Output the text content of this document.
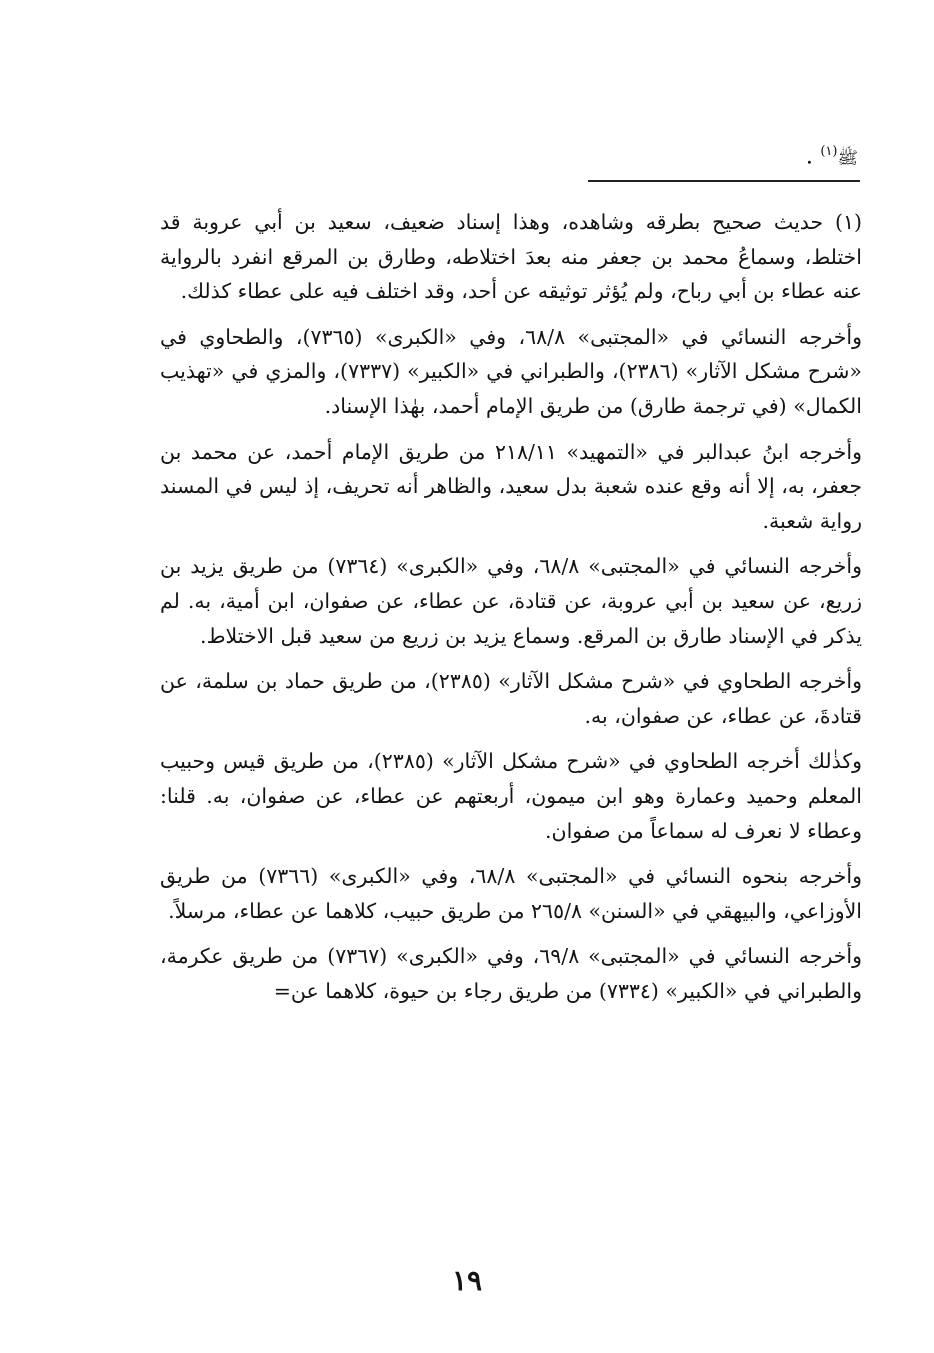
ﷺ$^{(١)}$ .

(١) حديث صحيح بطرقه وشاهده، وهذا إسناد ضعيف، سعيد بن أبي عروبة قد اختلط، وسماعُ محمد بن جعفر منه بعدَ اختلاطه، وطارق بن المرقع انفرد بالرواية عنه عطاء بن أبي رباح، ولم يُؤثر توثيقه عن أحد، وقد اختلف فيه على عطاء كذلك.

وأخرجه النسائي في «المجتبى» ٦٨/٨، وفي «الكبرى» (٧٣٦٥)، والطحاوي في «شرح مشكل الآثار» (٢٣٨٦)، والطبراني في «الكبير» (٧٣٣٧)، والمزي في «تهذيب الكمال» (في ترجمة طارق) من طريق الإمام أحمد، بهٰذا الإسناد.

وأخرجه ابنُ عبدالبر في «التمهيد» ٢١٨/١١ من طريق الإمام أحمد، عن محمد بن جعفر، به، إلا أنه وقع عنده شعبة بدل سعيد، والظاهر أنه تحريف، إذ ليس في المسند رواية شعبة.

وأخرجه النسائي في «المجتبى» ٦٨/٨، وفي «الكبرى» (٧٣٦٤) من طريق يزيد بن زريع، عن سعيد بن أبي عروبة، عن قتادة، عن عطاء، عن صفوان، ابن أمية، به. لم يذكر في الإسناد طارق بن المرقع. وسماع يزيد بن زريع من سعيد قبل الاختلاط.

وأخرجه الطحاوي في «شرح مشكل الآثار» (٢٣٨٥)، من طريق حماد بن سلمة، عن قتادةَ، عن عطاء، عن صفوان، به.

وكذٰلك أخرجه الطحاوي في «شرح مشكل الآثار» (٢٣٨٥)، من طريق قيس وحبيب المعلم وحميد وعمارة وهو ابن ميمون، أربعتهم عن عطاء، عن صفوان، به. قلنا: وعطاء لا نعرف له سماعاً من صفوان.

وأخرجه بنحوه النسائي في «المجتبى» ٦٨/٨، وفي «الكبرى» (٧٣٦٦) من طريق الأوزاعي، والبيهقي في «السنن» ٢٦٥/٨ من طريق حبيب، كلاهما عن عطاء، مرسلاً.

وأخرجه النسائي في «المجتبى» ٦٩/٨، وفي «الكبرى» (٧٣٦٧) من طريق عكرمة، والطبراني في «الكبير» (٧٣٣٤) من طريق رجاء بن حيوة، كلاهما عن=

١٩
